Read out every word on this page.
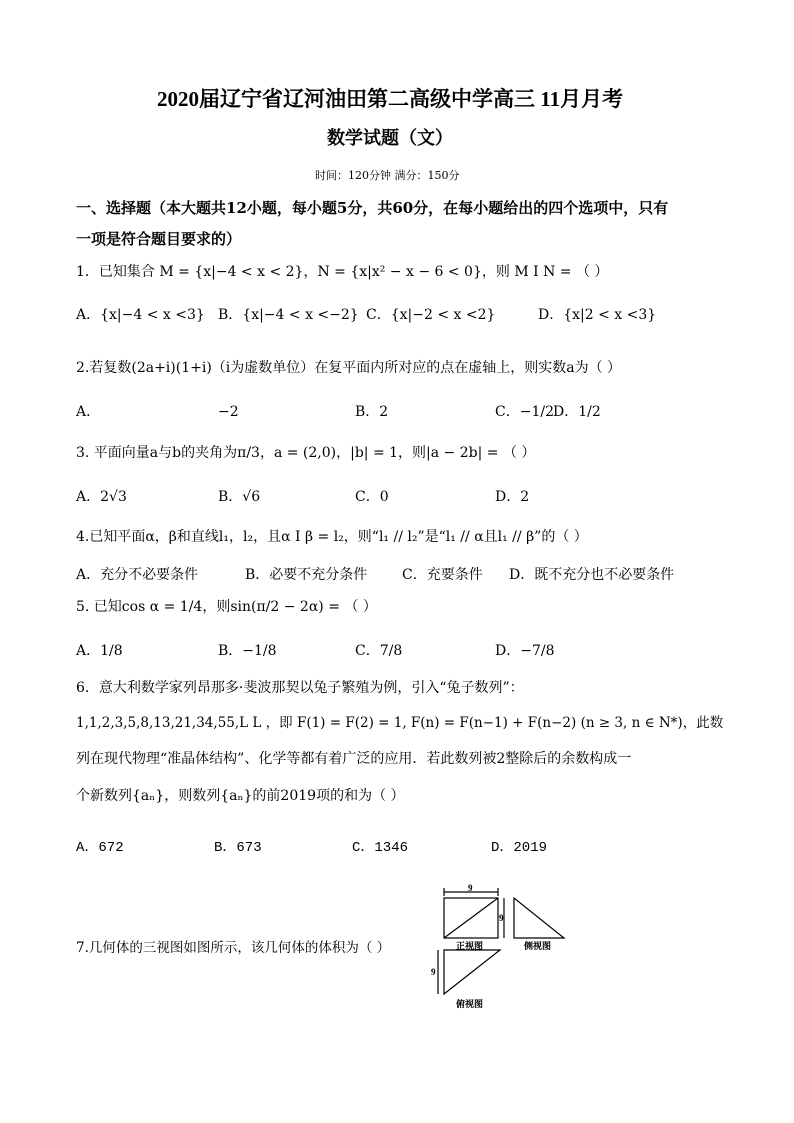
2020届辽宁省辽河油田第二高级中学高三 11月月考
数学试题（文）
时间：120分钟 满分：150分
一、选择题（本大题共12小题，每小题5分，共60分，在每小题给出的四个选项中，只有
一项是符合题目要求的）
1．已知集合 M = {x|−4 < x < 2}，N = {x|x² − x − 6 < 0}，则 M I N = （ ）
A．{x|−4 < x <3} B．{x|−4 < x <−2} C．{x|−2 < x <2}	D．{x|2 < x <3}
2.若复数(2a+i)(1+i)（i为虚数单位）在复平面内所对应的点在虚轴上，则实数a为（ ）
A．	−2	B．2	C．−1/2 D．1/2
3. 平面向量a与b的夹角为π/3，a = (2,0)，|b| = 1，则|a − 2b| = （ ）
A．2√3	B．√6	C．0	D．2
4.已知平面α，β和直线l₁，l₂，且α I β = l₂，则“l₁ // l₂”是“l₁ // α且l₁ // β”的（ ）
A．充分不必要条件	B．必要不充分条件 C．充要条件 D．既不充分也不必要条件
5. 已知cos α = 1/4，则sin(π/2 − 2α) = （ ）
A．1/8	B．−1/8	C．7/8	D．−7/8
6．意大利数学家列昂那多·斐波那契以兔子繁殖为例，引入“兔子数列”：
1,1,2,3,5,8,13,21,34,55,L L ，即 F(1) = F(2) = 1, F(n) = F(n−1) + F(n−2) (n ≥ 3, n ∈ N*)，此数
列在现代物理“准晶体结构”、化学等都有着广泛的应用．若此数列被2整除后的余数构成一
个新数列{aₙ}，则数列{aₙ}的前2019项的和为（ ）
A．672	B．673	C．1346	D．2019
7.几何体的三视图如图所示，该几何体的体积为（ ）
9
9
9
正视图	侧视图
俯视图
